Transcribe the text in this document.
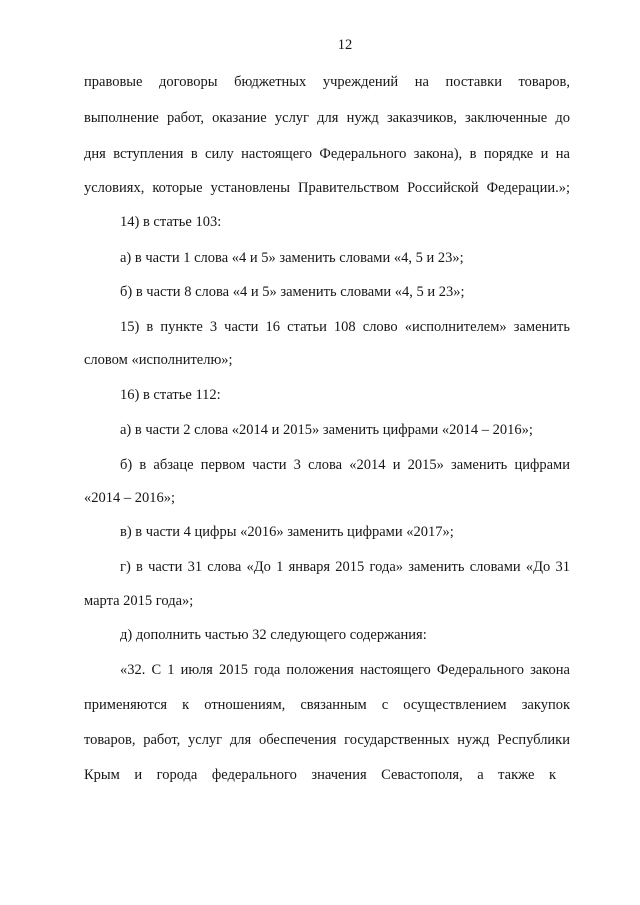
12
правовые договоры бюджетных учреждений на поставки товаров,
выполнение работ, оказание услуг для нужд заказчиков, заключенные до
дня вступления в силу настоящего Федерального закона), в порядке и на
условиях, которые установлены Правительством Российской Федерации.»;
14) в статье 103:
а) в части 1 слова «4 и 5» заменить словами «4, 5 и 23»;
б) в части 8 слова «4 и 5» заменить словами «4, 5 и 23»;
15) в пункте 3 части 16 статьи 108 слово «исполнителем» заменить
словом «исполнителю»;
16) в статье 112:
а) в части 2 слова «2014 и 2015» заменить цифрами «2014 – 2016»;
б) в абзаце первом части 3 слова «2014 и 2015» заменить цифрами
«2014 – 2016»;
в) в части 4 цифры «2016» заменить цифрами «2017»;
г) в части 31 слова «До 1 января 2015 года» заменить словами «До 31
марта 2015 года»;
д) дополнить частью 32 следующего содержания:
«32. С 1 июля 2015 года положения настоящего Федерального закона
применяются к отношениям, связанным с осуществлением закупок
товаров, работ, услуг для обеспечения государственных нужд Республики
Крым и города федерального значения Севастополя, а также к
